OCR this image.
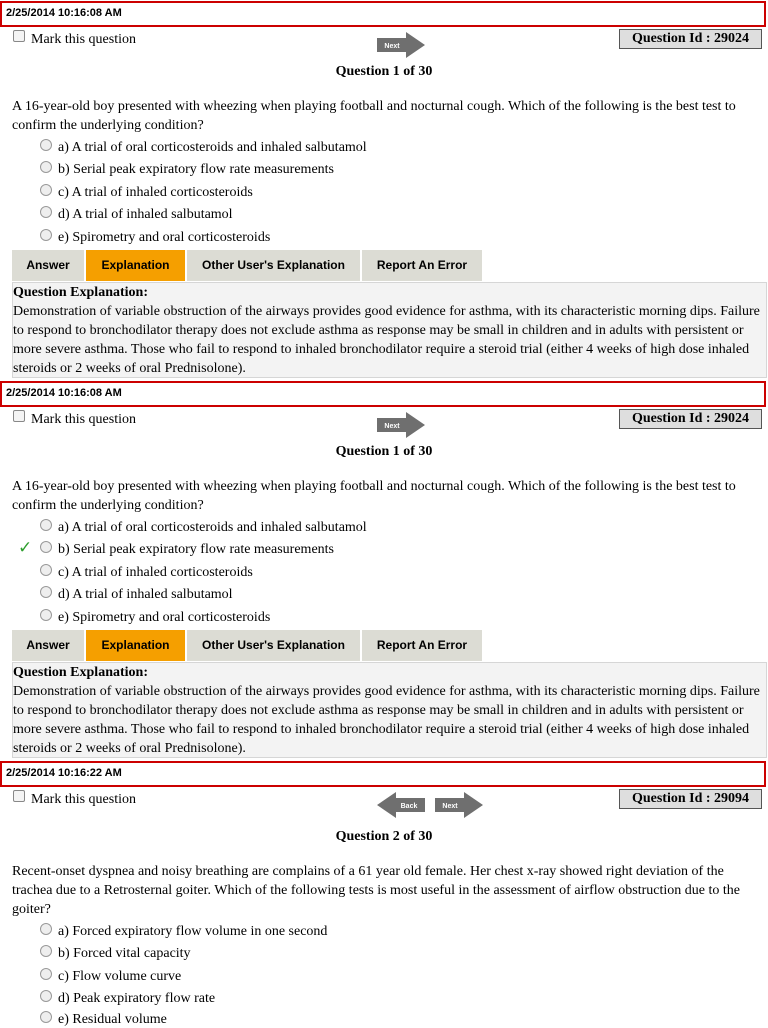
2/25/2014 10:16:08 AM
Mark this question	Next
Question Id : 29024
Question 1 of 30
A 16-year-old boy presented with wheezing when playing football and nocturnal cough. Which of the following is the best test to confirm the underlying condition?
a) A trial of oral corticosteroids and inhaled salbutamol
b) Serial peak expiratory flow rate measurements
c) A trial of inhaled corticosteroids
d) A trial of inhaled salbutamol
e) Spirometry and oral corticosteroids
Answer	Explanation	Other User's Explanation	Report An Error
Question Explanation:
Demonstration of variable obstruction of the airways provides good evidence for asthma, with its characteristic morning dips. Failure to respond to bronchodilator therapy does not exclude asthma as response may be small in children and in adults with persistent or more severe asthma. Those who fail to respond to inhaled bronchodilator require a steroid trial (either 4 weeks of high dose inhaled steroids or 2 weeks of oral Prednisolone).
2/25/2014 10:16:08 AM
Mark this question	Next
Question Id : 29024
Question 1 of 30
A 16-year-old boy presented with wheezing when playing football and nocturnal cough. Which of the following is the best test to confirm the underlying condition?
a) A trial of oral corticosteroids and inhaled salbutamol
✓	b) Serial peak expiratory flow rate measurements
c) A trial of inhaled corticosteroids
d) A trial of inhaled salbutamol
e) Spirometry and oral corticosteroids
Answer	Explanation	Other User's Explanation	Report An Error
Question Explanation:
Demonstration of variable obstruction of the airways provides good evidence for asthma, with its characteristic morning dips. Failure to respond to bronchodilator therapy does not exclude asthma as response may be small in children and in adults with persistent or more severe asthma. Those who fail to respond to inhaled bronchodilator require a steroid trial (either 4 weeks of high dose inhaled steroids or 2 weeks of oral Prednisolone).
2/25/2014 10:16:22 AM
Mark this question	Back	Next
Question Id : 29094
Question 2 of 30
Recent-onset dyspnea and noisy breathing are complains of a 61 year old female. Her chest x-ray showed right deviation of the trachea due to a Retrosternal goiter. Which of the following tests is most useful in the assessment of airflow obstruction due to the goiter?
a) Forced expiratory flow volume in one second
b) Forced vital capacity
c) Flow volume curve
d) Peak expiratory flow rate
e) Residual volume
